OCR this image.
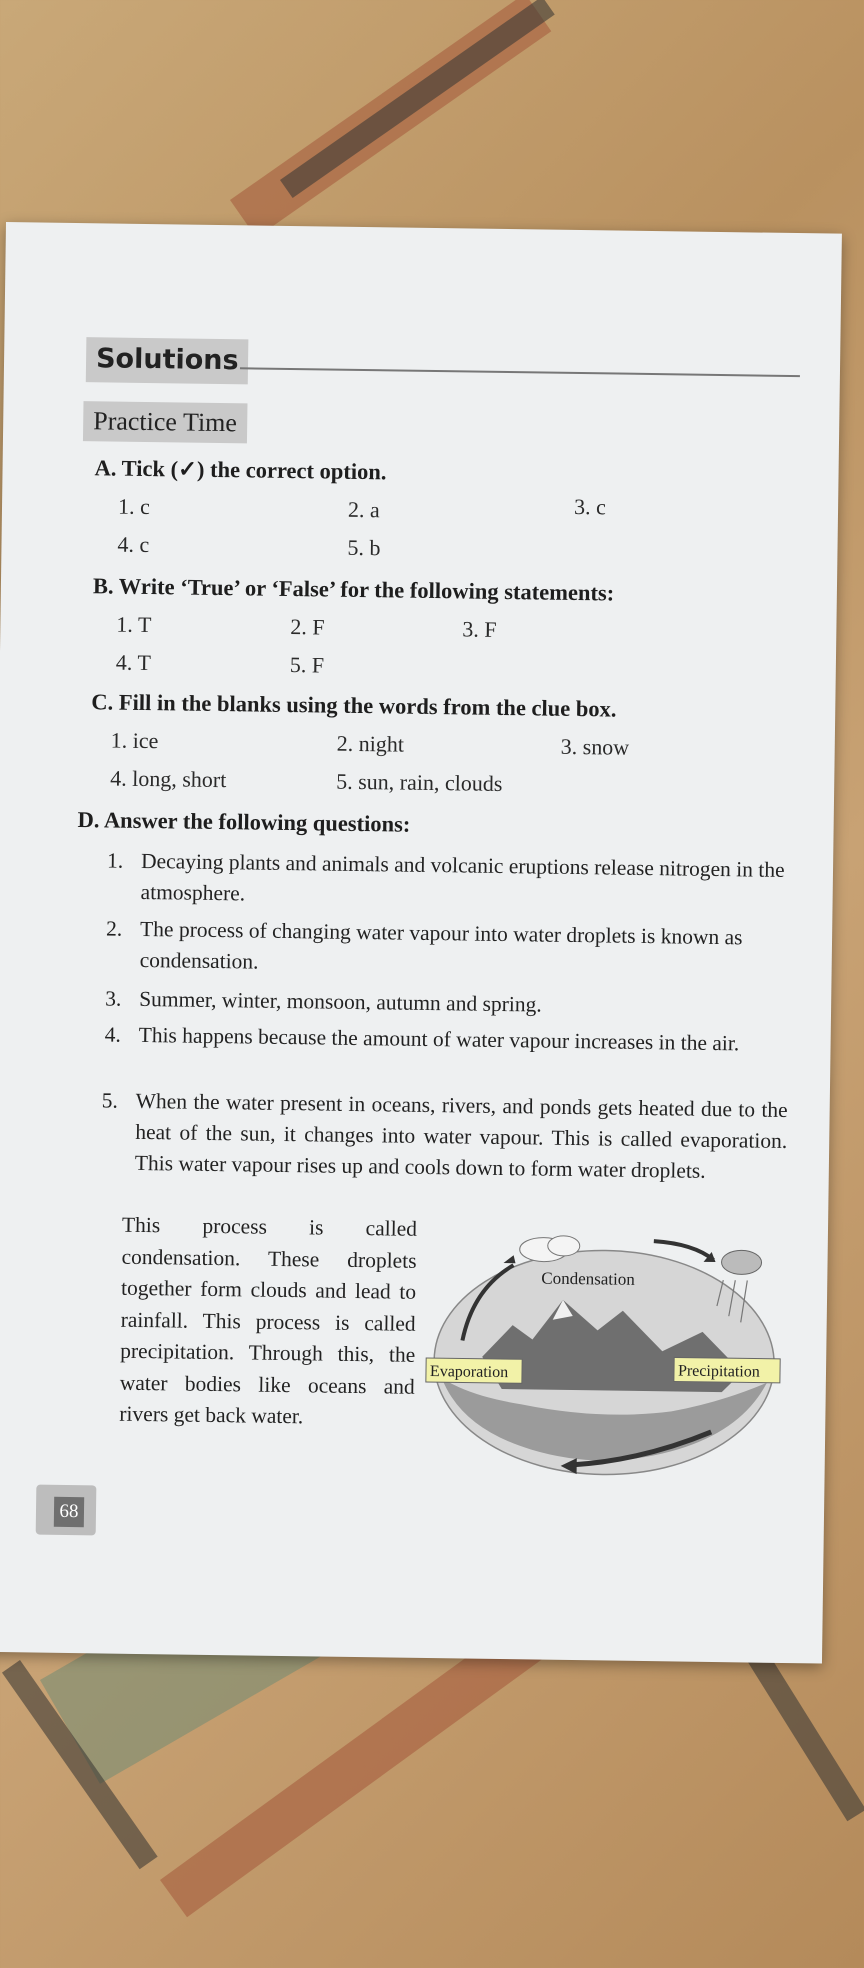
Solutions
Practice Time
A. Tick (✓) the correct option.
1. c	2. a	3. c
4. c	5. b
B. Write ‘True’ or ‘False’ for the following statements:
1. T	2. F	3. F
4. T	5. F
C. Fill in the blanks using the words from the clue box.
1. ice	2. night	3. snow
4. long, short	5. sun, rain, clouds
D. Answer the following questions:
1. Decaying plants and animals and volcanic eruptions release nitrogen in the atmosphere.
2. The process of changing water vapour into water droplets is known as condensation.
3. Summer, winter, monsoon, autumn and spring.
4. This happens because the amount of water vapour increases in the air.
5. When the water present in oceans, rivers, and ponds gets heated due to the heat of the sun, it changes into water vapour. This is called evaporation. This water vapour rises up and cools down to form water droplets.
This process is called condensation. These droplets together form clouds and lead to rainfall. This process is called precipitation. Through this, the water bodies like oceans and rivers get back water.
Condensation
Evaporation	Precipitation
68
